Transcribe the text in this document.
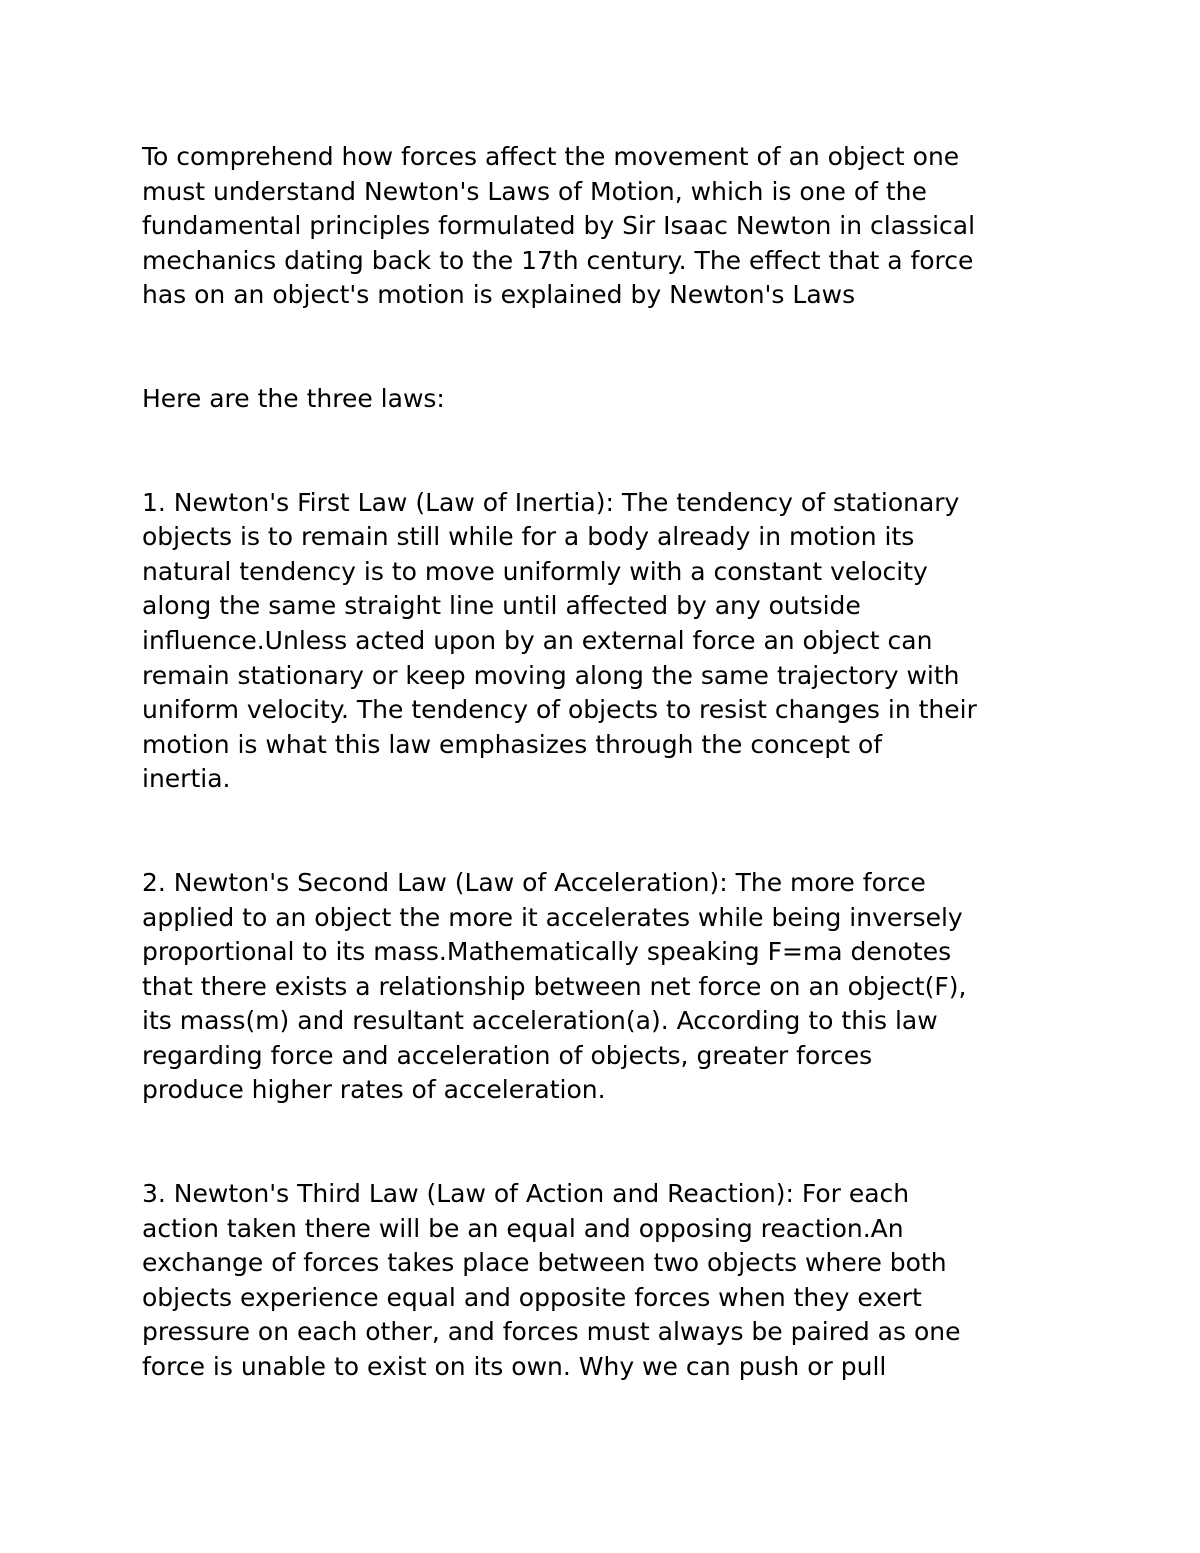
To comprehend how forces affect the movement of an object one
must understand Newton's Laws of Motion, which is one of the
fundamental principles formulated by Sir Isaac Newton in classical
mechanics dating back to the 17th century. The effect that a force
has on an object's motion is explained by Newton's Laws

Here are the three laws:

1. Newton's First Law (Law of Inertia): The tendency of stationary
objects is to remain still while for a body already in motion its
natural tendency is to move uniformly with a constant velocity
along the same straight line until affected by any outside
influence.Unless acted upon by an external force an object can
remain stationary or keep moving along the same trajectory with
uniform velocity. The tendency of objects to resist changes in their
motion is what this law emphasizes through the concept of
inertia.

2. Newton's Second Law (Law of Acceleration): The more force
applied to an object the more it accelerates while being inversely
proportional to its mass.Mathematically speaking F=ma denotes
that there exists a relationship between net force on an object(F),
its mass(m) and resultant acceleration(a). According to this law
regarding force and acceleration of objects, greater forces
produce higher rates of acceleration.

3. Newton's Third Law (Law of Action and Reaction): For each
action taken there will be an equal and opposing reaction.An
exchange of forces takes place between two objects where both
objects experience equal and opposite forces when they exert
pressure on each other, and forces must always be paired as one
force is unable to exist on its own. Why we can push or pull
